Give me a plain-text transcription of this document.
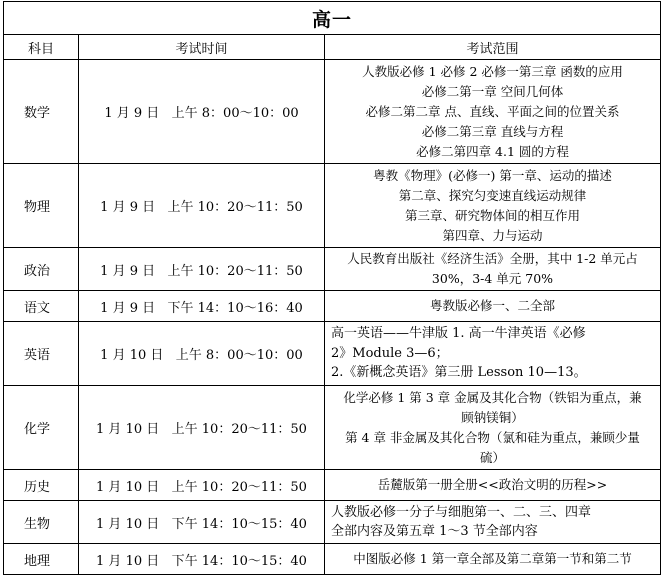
高一		
科目	考试时间	考试范围
数学	1 月 9 日   上午 8：00～10：00	人教版必修 1 必修 2 必修一第三章 函数的应用
必修二第一章 空间几何体
必修二第二章 点、直线、平面之间的位置关系
必修二第三章 直线与方程
必修二第四章 4.1 圆的方程

物理	1 月 9 日   上午 10：20～11：50	粤教《物理》(必修一) 第一章、运动的描述
第二章、探究匀变速直线运动规律
第三章、研究物体间的相互作用
第四章、力与运动

政治	1 月 9 日   上午 10：20～11：50	人民教育出版社《经济生活》全册，其中 1-2 单元占
30%，3-4 单元 70%

语文	1 月 9 日   下午 14：10～16：40	粤教版必修一、二全部

英语	1 月 10 日   上午 8：00～10：00	高一英语——牛津版 1. 高一牛津英语《必修
2》Module 3—6；
2.《新概念英语》第三册 Lesson 10—13。

化学	1 月 10 日   上午 10：20～11：50	化学必修 1 第 3 章 金属及其化合物（铁铝为重点，兼
顾钠镁铜）
第 4 章 非金属及其化合物（氯和硅为重点，兼顾少量
硫）

历史	1 月 10 日   上午 10：20～11：50	岳麓版第一册全册<<政治文明的历程>>

生物	1 月 10 日   下午 14：10～15：40	人教版必修一分子与细胞第一、二、三、四章
全部内容及第五章 1～3 节全部内容

地理	1 月 10 日   下午 14：10～15：40	中图版必修 1 第一章全部及第二章第一节和第二节
